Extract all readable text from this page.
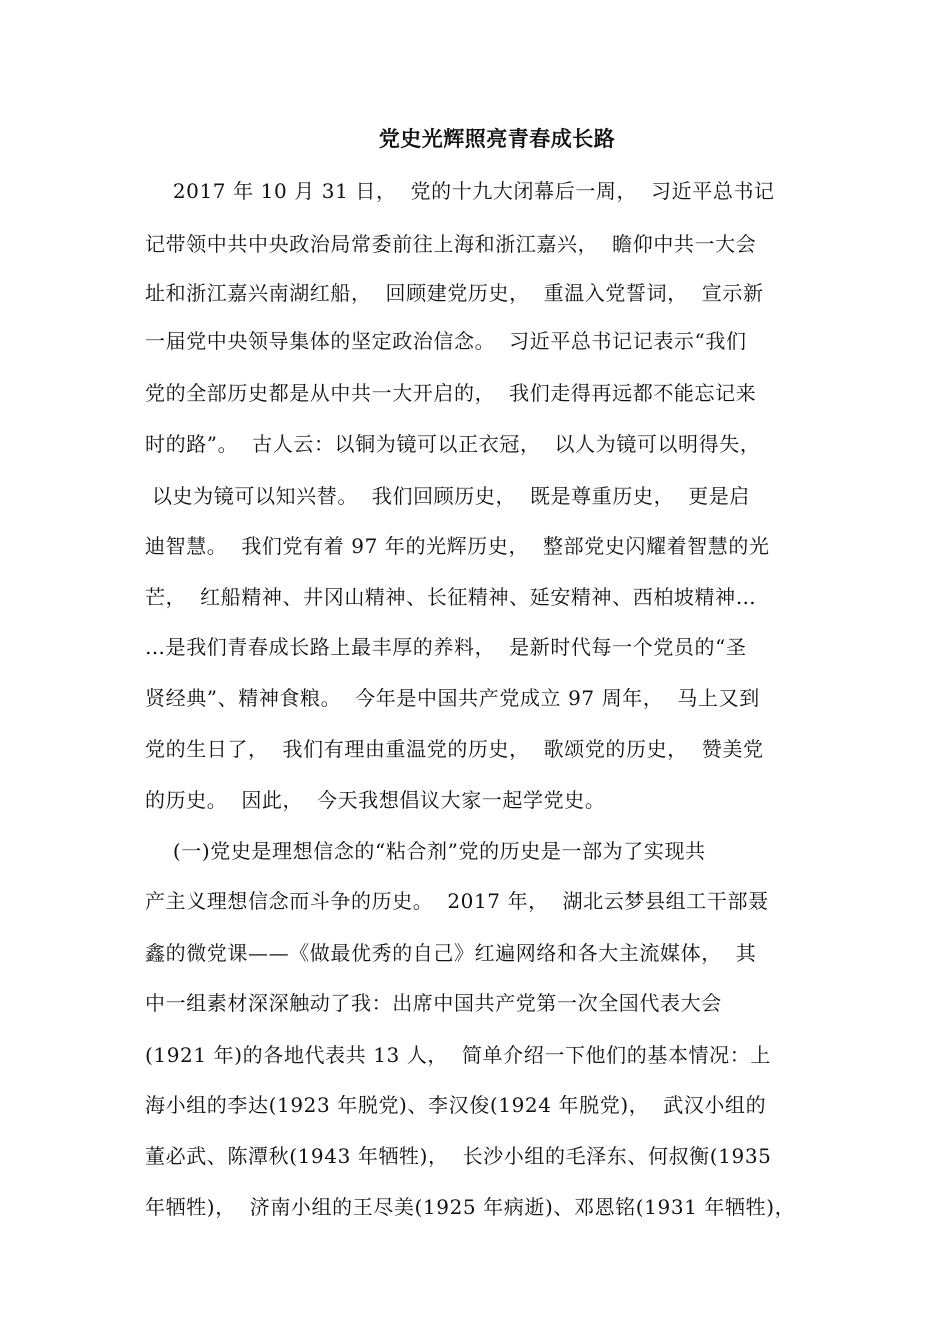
党史光辉照亮青春成长路
2017 年 10 月 31 日，  党的十九大闭幕后一周，  习近平总书记
记带领中共中央政治局常委前往上海和浙江嘉兴，  瞻仰中共一大会
址和浙江嘉兴南湖红船，  回顾建党历史，  重温入党誓词，  宣示新
一届党中央领导集体的坚定政治信念。  习近平总书记记表示“我们
党的全部历史都是从中共一大开启的，  我们走得再远都不能忘记来
时的路”。  古人云：以铜为镜可以正衣冠，  以人为镜可以明得失，
以史为镜可以知兴替。  我们回顾历史，  既是尊重历史，  更是启
迪智慧。  我们党有着 97 年的光辉历史，  整部党史闪耀着智慧的光
芒，  红船精神、井冈山精神、长征精神、延安精神、西柏坡精神…
…是我们青春成长路上最丰厚的养料，  是新时代每一个党员的“圣
贤经典”、精神食粮。  今年是中国共产党成立 97 周年，  马上又到
党的生日了，  我们有理由重温党的历史，  歌颂党的历史，  赞美党
的历史。  因此，  今天我想倡议大家一起学党史。
(一)党史是理想信念的“粘合剂”党的历史是一部为了实现共
产主义理想信念而斗争的历史。  2017 年，  湖北云梦县组工干部聂
鑫的微党课——《做最优秀的自己》红遍网络和各大主流媒体，  其
中一组素材深深触动了我：出席中国共产党第一次全国代表大会
(1921 年)的各地代表共 13 人，  简单介绍一下他们的基本情况：上
海小组的李达(1923 年脱党)、李汉俊(1924 年脱党)，  武汉小组的
董必武、陈潭秋(1943 年牺牲)，  长沙小组的毛泽东、何叔衡(1935
年牺牲)，  济南小组的王尽美(1925 年病逝)、邓恩铭(1931 年牺牲)，
